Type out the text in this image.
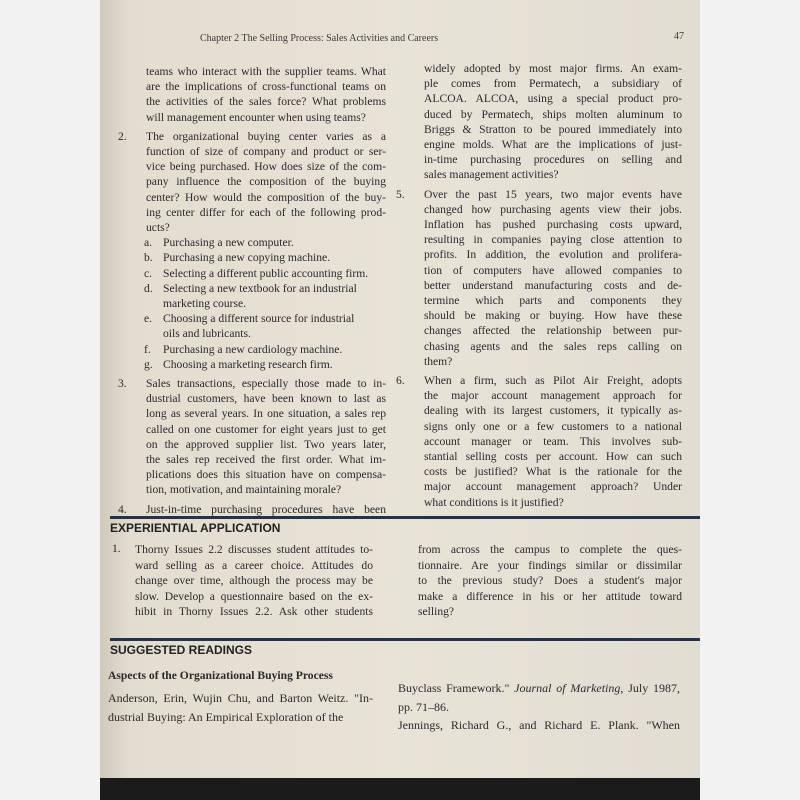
Chapter 2 The Selling Process: Sales Activities and Careers	47
teams who interact with the supplier teams. What
are the implications of cross-functional teams on
the activities of the sales force? What problems
will management encounter when using teams?
2. The organizational buying center varies as a
function of size of company and product or ser-
vice being purchased. How does size of the com-
pany influence the composition of the buying
center? How would the composition of the buy-
ing center differ for each of the following prod-
ucts?
a. Purchasing a new computer.
b. Purchasing a new copying machine.
c. Selecting a different public accounting firm.
d. Selecting a new textbook for an industrial
marketing course.
e. Choosing a different source for industrial
oils and lubricants.
f. Purchasing a new cardiology machine.
g. Choosing a marketing research firm.
3. Sales transactions, especially those made to in-
dustrial customers, have been known to last as
long as several years. In one situation, a sales rep
called on one customer for eight years just to get
on the approved supplier list. Two years later,
the sales rep received the first order. What im-
plications does this situation have on compensa-
tion, motivation, and maintaining morale?
4. Just-in-time purchasing procedures have been
widely adopted by most major firms. An exam-
ple comes from Permatech, a subsidiary of
ALCOA. ALCOA, using a special product pro-
duced by Permatech, ships molten aluminum to
Briggs & Stratton to be poured immediately into
engine molds. What are the implications of just-
in-time purchasing procedures on selling and
sales management activities?
5. Over the past 15 years, two major events have
changed how purchasing agents view their jobs.
Inflation has pushed purchasing costs upward,
resulting in companies paying close attention to
profits. In addition, the evolution and prolifera-
tion of computers have allowed companies to
better understand manufacturing costs and de-
termine which parts and components they
should be making or buying. How have these
changes affected the relationship between pur-
chasing agents and the sales reps calling on
them?
6. When a firm, such as Pilot Air Freight, adopts
the major account management approach for
dealing with its largest customers, it typically as-
signs only one or a few customers to a national
account manager or team. This involves sub-
stantial selling costs per account. How can such
costs be justified? What is the rationale for the
major account management approach? Under
what conditions is it justified?
EXPERIENTIAL APPLICATION
1. Thorny Issues 2.2 discusses student attitudes to-
ward selling as a career choice. Attitudes do
change over time, although the process may be
slow. Develop a questionnaire based on the ex-
hibit in Thorny Issues 2.2. Ask other students
from across the campus to complete the ques-
tionnaire. Are your findings similar or dissimilar
to the previous study? Does a student's major
make a difference in his or her attitude toward
selling?
SUGGESTED READINGS
Aspects of the Organizational Buying Process
Anderson, Erin, Wujin Chu, and Barton Weitz. "In-
dustrial Buying: An Empirical Exploration of the
Buyclass Framework." Journal of Marketing, July 1987,
pp. 71–86.
Jennings, Richard G., and Richard E. Plank. "When
